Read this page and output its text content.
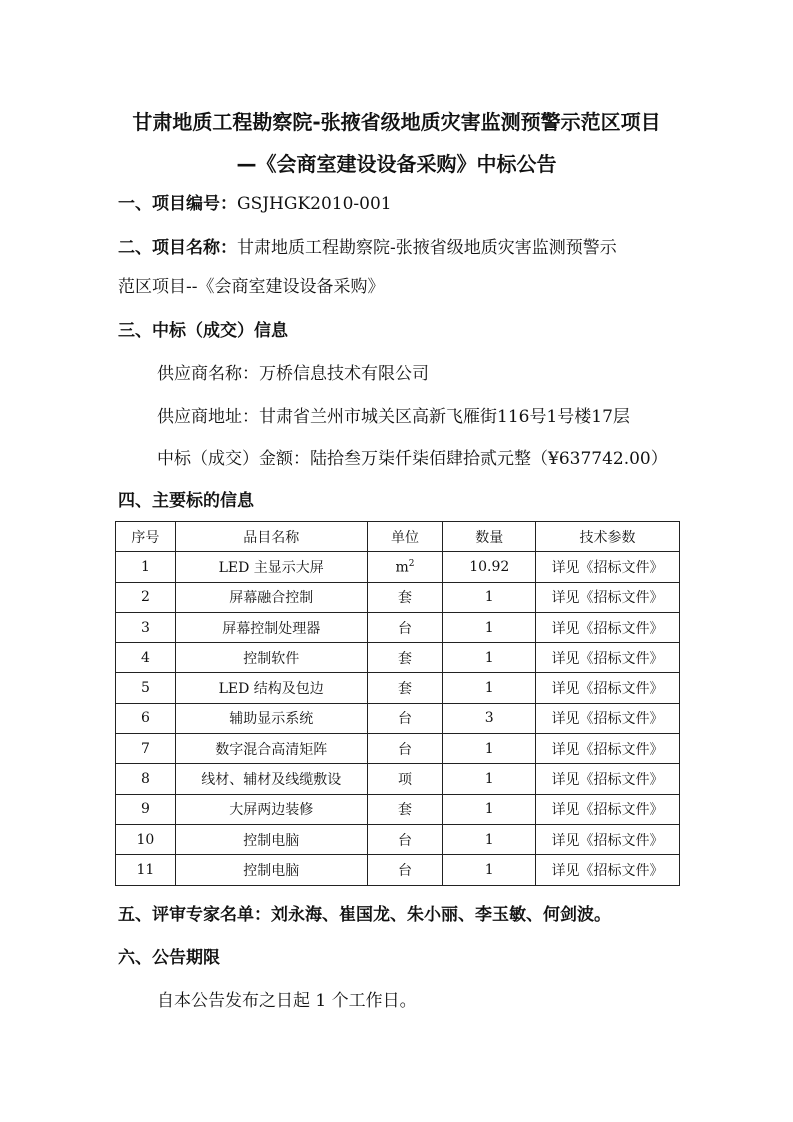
甘肃地质工程勘察院-张掖省级地质灾害监测预警示范区项目
—《会商室建设设备采购》中标公告
一、项目编号：GSJHGK2010-001
二、项目名称：甘肃地质工程勘察院-张掖省级地质灾害监测预警示
范区项目--《会商室建设设备采购》
三、中标（成交）信息
供应商名称：万桥信息技术有限公司
供应商地址：甘肃省兰州市城关区高新飞雁街116号1号楼17层
中标（成交）金额：陆拾叁万柒仟柒佰肆拾贰元整（¥637742.00）
四、主要标的信息
序号	品目名称	单位	数量	技术参数
1	LED 主显示大屏	$m^2$	10.92	详见《招标文件》
2	屏幕融合控制	套	1	详见《招标文件》
3	屏幕控制处理器	台	1	详见《招标文件》
4	控制软件	套	1	详见《招标文件》
5	LED 结构及包边	套	1	详见《招标文件》
6	辅助显示系统	台	3	详见《招标文件》
7	数字混合高清矩阵	台	1	详见《招标文件》
8	线材、辅材及线缆敷设	项	1	详见《招标文件》
9	大屏两边装修	套	1	详见《招标文件》
10	控制电脑	台	1	详见《招标文件》
11	控制电脑	台	1	详见《招标文件》
五、评审专家名单：刘永海、崔国龙、朱小丽、李玉敏、何剑波。
六、公告期限
自本公告发布之日起 1 个工作日。
